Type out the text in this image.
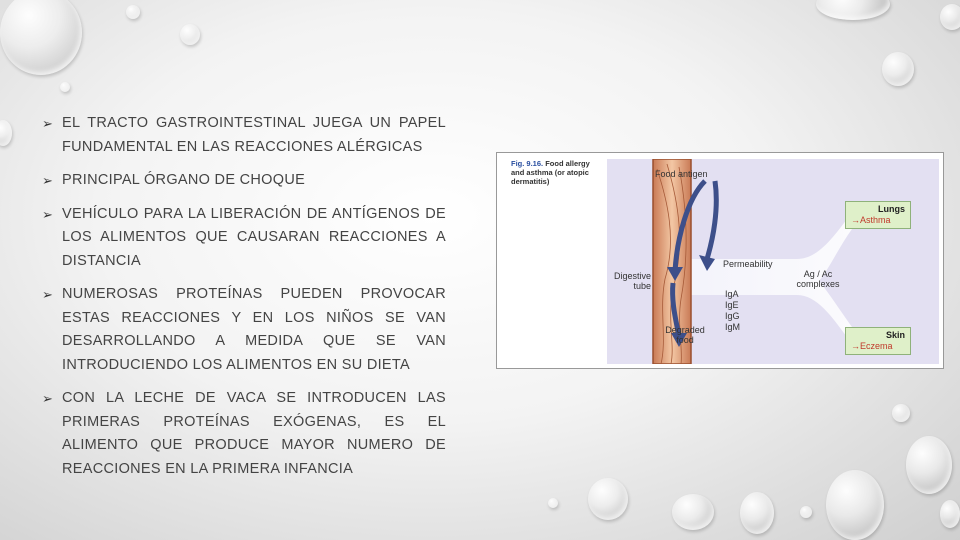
➢ EL TRACTO GASTROINTESTINAL JUEGA UN PAPEL FUNDAMENTAL EN LAS REACCIONES ALÉRGICAS
➢ PRINCIPAL ÓRGANO DE CHOQUE
➢ VEHÍCULO PARA LA LIBERACIÓN DE ANTÍGENOS DE LOS ALIMENTOS QUE CAUSARAN REACCIONES A DISTANCIA
➢ NUMEROSAS PROTEÍNAS PUEDEN PROVOCAR ESTAS REACCIONES Y EN LOS NIÑOS SE VAN DESARROLLANDO A MEDIDA QUE SE VAN INTRODUCIENDO LOS ALIMENTOS EN SU DIETA
➢ CON LA LECHE DE VACA SE INTRODUCEN LAS PRIMERAS PROTEÍNAS EXÓGENAS, ES EL ALIMENTO QUE PRODUCE MAYOR NUMERO DE REACCIONES EN LA PRIMERA INFANCIA
Fig. 9.16. Food allergy and asthma (or atopic dermatitis)
Food antigen
Digestive tube
Degraded food
Permeability
Ag / Ac complexes
IgA
IgE
IgG
IgM
Lungs
→Asthma
Skin
→Eczema
